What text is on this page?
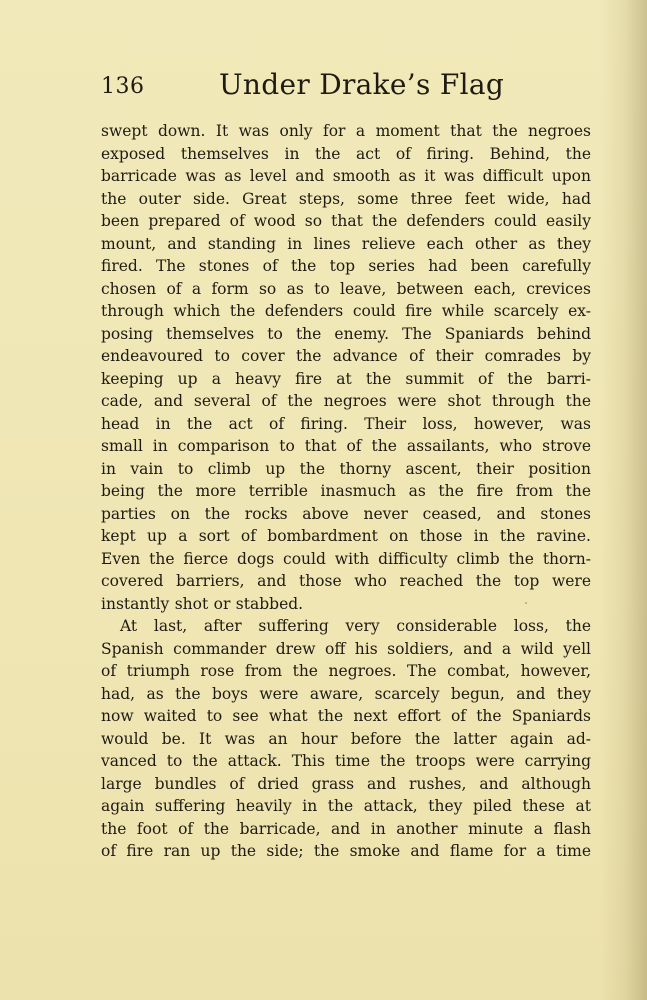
136	Under Drake’s Flag
swept down. It was only for a moment that the negroes
exposed themselves in the act of firing. Behind, the
barricade was as level and smooth as it was difficult upon
the outer side. Great steps, some three feet wide, had
been prepared of wood so that the defenders could easily
mount, and standing in lines relieve each other as they
fired. The stones of the top series had been carefully
chosen of a form so as to leave, between each, crevices
through which the defenders could fire while scarcely ex-
posing themselves to the enemy. The Spaniards behind
endeavoured to cover the advance of their comrades by
keeping up a heavy fire at the summit of the barri-
cade, and several of the negroes were shot through the
head in the act of firing. Their loss, however, was
small in comparison to that of the assailants, who strove
in vain to climb up the thorny ascent, their position
being the more terrible inasmuch as the fire from the
parties on the rocks above never ceased, and stones
kept up a sort of bombardment on those in the ravine.
Even the fierce dogs could with difficulty climb the thorn-
covered barriers, and those who reached the top were
instantly shot or stabbed.
At last, after suffering very considerable loss, the
Spanish commander drew off his soldiers, and a wild yell
of triumph rose from the negroes. The combat, however,
had, as the boys were aware, scarcely begun, and they
now waited to see what the next effort of the Spaniards
would be. It was an hour before the latter again ad-
vanced to the attack. This time the troops were carrying
large bundles of dried grass and rushes, and although
again suffering heavily in the attack, they piled these at
the foot of the barricade, and in another minute a flash
of fire ran up the side; the smoke and flame for a time
